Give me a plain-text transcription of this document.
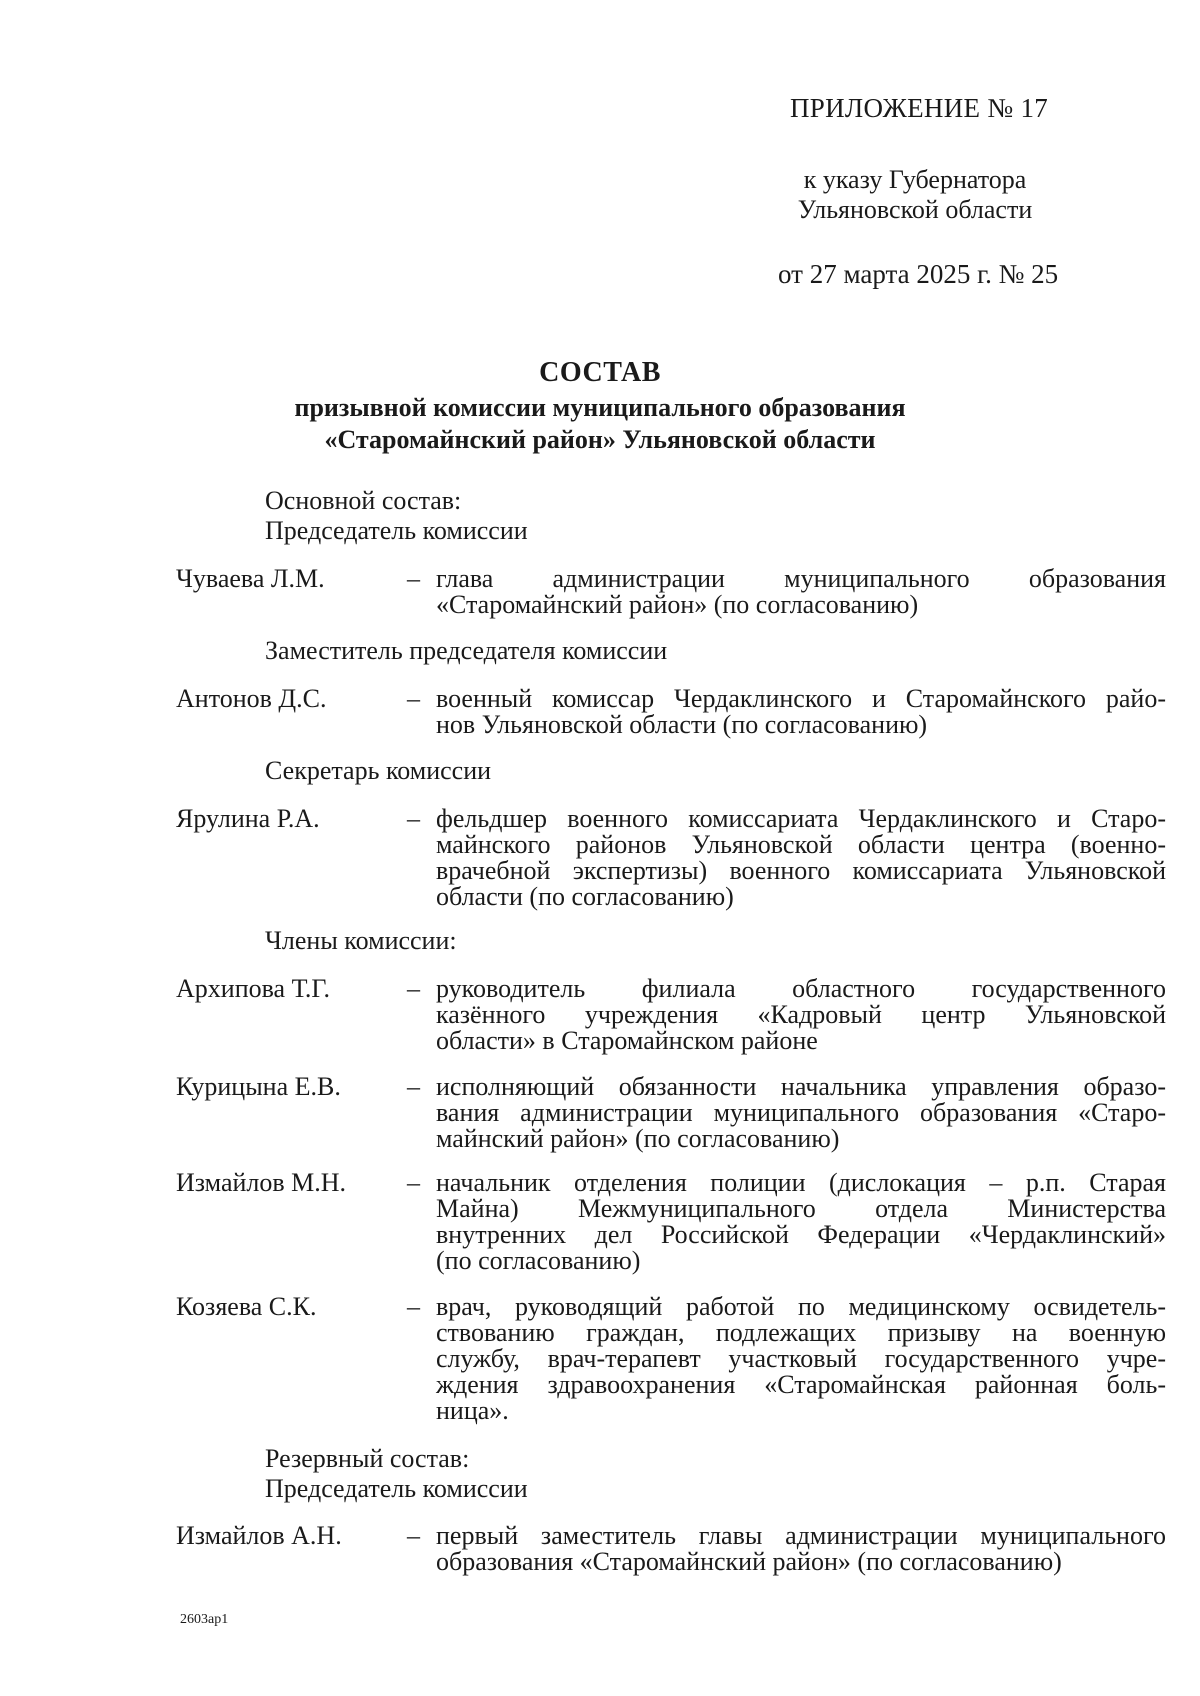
ПРИЛОЖЕНИЕ № 17
к указу Губернатора
Ульяновской области
от 27 марта 2025 г. № 25
СОСТАВ
призывной комиссии муниципального образования
«Старомайнский район» Ульяновской области
Основной состав:
Председатель комиссии
Чуваева Л.М.	– глава администрации муниципального образования
«Старомайнский район» (по согласованию)
Заместитель председателя комиссии
Антонов Д.С.	– военный комиссар Чердаклинского и Старомайнского райо-
нов Ульяновской области (по согласованию)
Секретарь комиссии
Ярулина Р.А.	– фельдшер военного комиссариата Чердаклинского и Старо-
майнского районов Ульяновской области центра (военно-
врачебной экспертизы) военного комиссариата Ульяновской
области (по согласованию)
Члены комиссии:
Архипова Т.Г.	– руководитель филиала областного государственного
казённого учреждения «Кадровый центр Ульяновской
области» в Старомайнском районе
Курицына Е.В.	– исполняющий обязанности начальника управления образо-
вания администрации муниципального образования «Старо-
майнский район» (по согласованию)
Измайлов М.Н. – начальник отделения полиции (дислокация – р.п. Старая
Майна) Межмуниципального отдела Министерства
внутренних дел Российской Федерации «Чердаклинский»
(по согласованию)
Козяева С.К.	– врач, руководящий работой по медицинскому освидетель-
ствованию граждан, подлежащих призыву на военную
службу, врач-терапевт участковый государственного учре-
ждения здравоохранения «Старомайнская районная боль-
ница».
Резервный состав:
Председатель комиссии
Измайлов А.Н.	– первый заместитель главы администрации муниципального
образования «Старомайнский район» (по согласованию)
2603ap1
